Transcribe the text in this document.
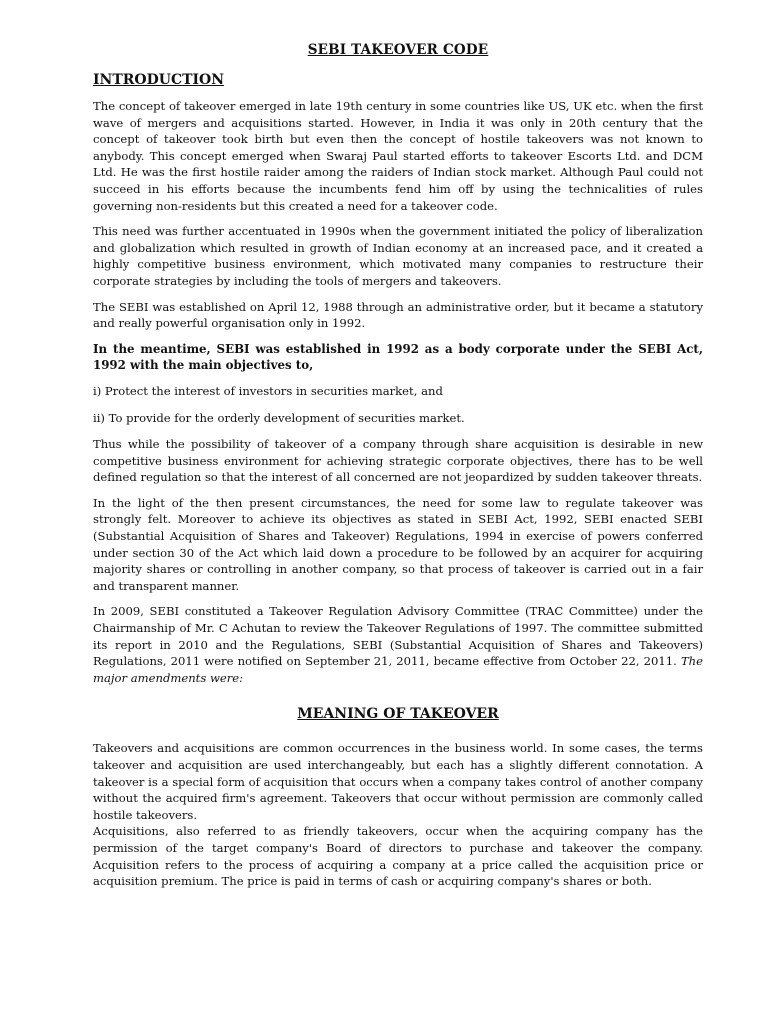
SEBI TAKEOVER CODE
INTRODUCTION

The concept of takeover emerged in late 19th century in some countries like US, UK etc. when the first wave of mergers and acquisitions started. However, in India it was only in 20th century that the concept of takeover took birth but even then the concept of hostile takeovers was not known to anybody. This concept emerged when Swaraj Paul started efforts to takeover Escorts Ltd. and DCM Ltd. He was the first hostile raider among the raiders of Indian stock market. Although Paul could not succeed in his efforts because the incumbents fend him off by using the technicalities of rules governing non-residents but this created a need for a takeover code.

This need was further accentuated in 1990s when the government initiated the policy of liberalization and globalization which resulted in growth of Indian economy at an increased pace, and it created a highly competitive business environment, which motivated many companies to restructure their corporate strategies by including the tools of mergers and takeovers.

The SEBI was established on April 12, 1988 through an administrative order, but it became a statutory and really powerful organisation only in 1992.

In the meantime, SEBI was established in 1992 as a body corporate under the SEBI Act, 1992 with the main objectives to,

i) Protect the interest of investors in securities market, and

ii) To provide for the orderly development of securities market.

Thus while the possibility of takeover of a company through share acquisition is desirable in new competitive business environment for achieving strategic corporate objectives, there has to be well defined regulation so that the interest of all concerned are not jeopardized by sudden takeover threats.

In the light of the then present circumstances, the need for some law to regulate takeover was strongly felt. Moreover to achieve its objectives as stated in SEBI Act, 1992, SEBI enacted SEBI (Substantial Acquisition of Shares and Takeover) Regulations, 1994 in exercise of powers conferred under section 30 of the Act which laid down a procedure to be followed by an acquirer for acquiring majority shares or controlling in another company, so that process of takeover is carried out in a fair and transparent manner.

In 2009, SEBI constituted a Takeover Regulation Advisory Committee (TRAC Committee) under the Chairmanship of Mr. C Achutan to review the Takeover Regulations of 1997. The committee submitted its report in 2010 and the Regulations, SEBI (Substantial Acquisition of Shares and Takeovers) Regulations, 2011 were notified on September 21, 2011, became effective from October 22, 2011. The major amendments were:

MEANING OF TAKEOVER

Takeovers and acquisitions are common occurrences in the business world. In some cases, the terms takeover and acquisition are used interchangeably, but each has a slightly different connotation. A takeover is a special form of acquisition that occurs when a company takes control of another company without the acquired firm's agreement. Takeovers that occur without permission are commonly called hostile takeovers.

Acquisitions, also referred to as friendly takeovers, occur when the acquiring company has the permission of the target company's Board of directors to purchase and takeover the company. Acquisition refers to the process of acquiring a company at a price called the acquisition price or acquisition premium. The price is paid in terms of cash or acquiring company's shares or both.
